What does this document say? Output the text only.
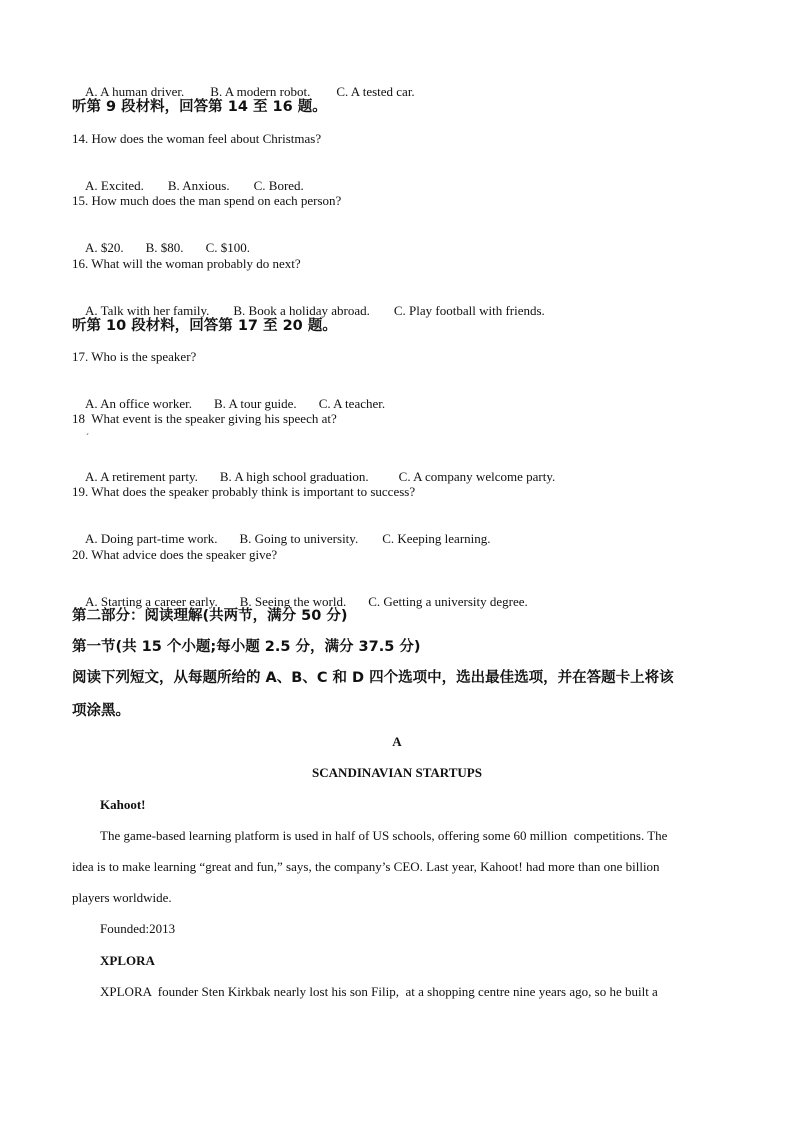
A. A human driver. B. A modern robot. C. A tested car.

听第 9 段材料，回答第 14 至 16 题。
14. How does the woman feel about Christmas?

A. Excited. B. Anxious. C. Bored.

15. How much does the man spend on each person?

A. $20. B. $80. C. $100.

16. What will the woman probably do next?

A. Talk with her family. B. Book a holiday abroad. C. Play football with friends.

听第 10 段材料，回答第 17 至 20 题。
17. Who is the speaker?

A. An office worker. B. A tour guide. C. A teacher.

18  What event is the speaker giving his speech at?
ˊ

A. A retirement party. B. A high school graduation. C. A company welcome party.

19. What does the speaker probably think is important to success?

A. Doing part-time work. B. Going to university. C. Keeping learning.

20. What advice does the speaker give?

A. Starting a career early. B. Seeing the world. C. Getting a university degree.

第二部分：阅读理解(共两节，满分 50 分)
第一节(共 15 个小题;每小题 2.5 分，满分 37.5 分)
阅读下列短文，从每题所给的 A、B、C 和 D 四个选项中，选出最佳选项，并在答题卡上将该
项涂黑。
A
SCANDINAVIAN STARTUPS
Kahoot!
The game-based learning platform is used in half of US schools, offering some 60 million  competitions. The
idea is to make learning “great and fun,” says, the company’s CEO. Last year, Kahoot! had more than one billion
players worldwide.
Founded:2013
XPLORA
XPLORA  founder Sten Kirkbak nearly lost his son Filip,  at a shopping centre nine years ago, so he built a
